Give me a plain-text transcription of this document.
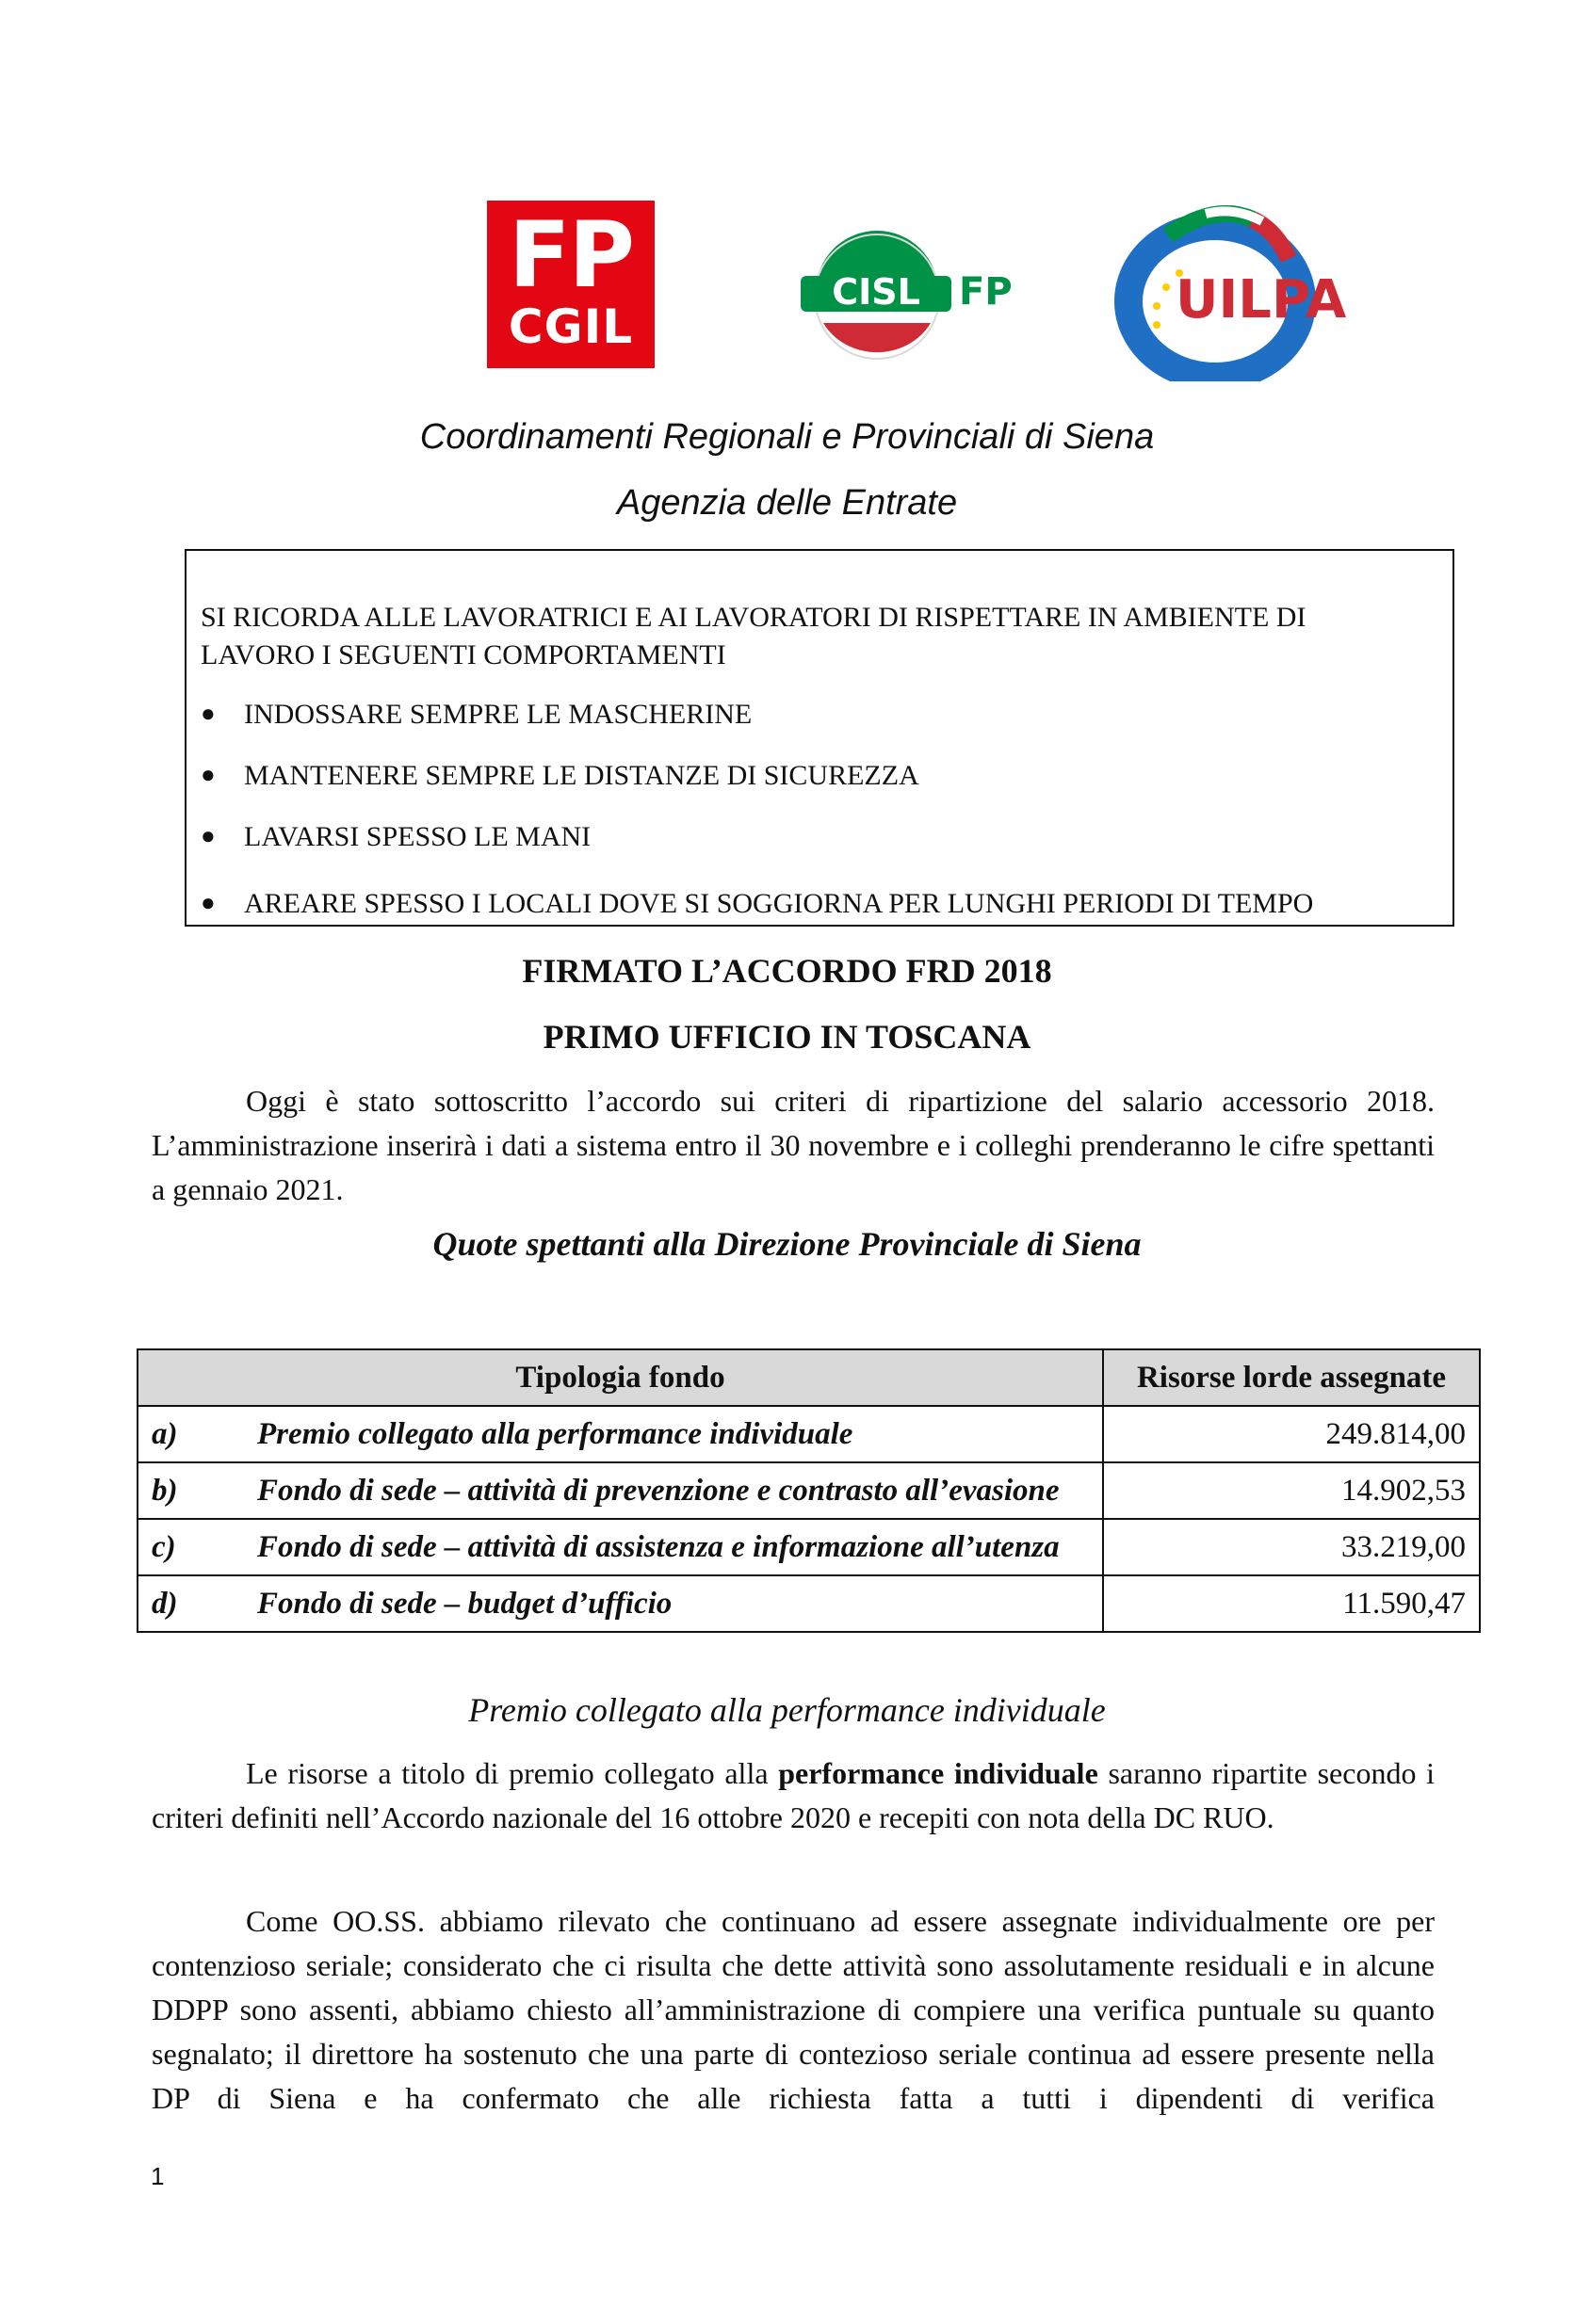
FP
CGIL
CISL FP	UILPA
Coordinamenti Regionali e Provinciali di Siena
Agenzia delle Entrate
SI RICORDA ALLE LAVORATRICI E AI LAVORATORI DI RISPETTARE IN AMBIENTE DI LAVORO I SEGUENTI COMPORTAMENTI
● INDOSSARE SEMPRE LE MASCHERINE
● MANTENERE SEMPRE LE DISTANZE DI SICUREZZA
● LAVARSI SPESSO LE MANI
● AREARE SPESSO I LOCALI DOVE SI SOGGIORNA PER LUNGHI PERIODI DI TEMPO
FIRMATO L’ACCORDO FRD 2018
PRIMO UFFICIO IN TOSCANA
Oggi è stato sottoscritto l’accordo sui criteri di ripartizione del salario accessorio 2018. L’amministrazione inserirà i dati a sistema entro il 30 novembre e i colleghi prenderanno le cifre spettanti a gennaio 2021.
Quote spettanti alla Direzione Provinciale di Siena
Tipologia fondo		Risorse lorde assegnate
a)	Premio collegato alla performance individuale	249.814,00
b)	Fondo di sede – attività di prevenzione e contrasto all’evasione	14.902,53
c)	Fondo di sede – attività di assistenza e informazione all’utenza	33.219,00
d)	Fondo di sede – budget d’ufficio	11.590,47
Premio collegato alla performance individuale
Le risorse a titolo di premio collegato alla performance individuale saranno ripartite secondo i criteri definiti nell’Accordo nazionale del 16 ottobre 2020 e recepiti con nota della DC RUO.
Come OO.SS. abbiamo rilevato che continuano ad essere assegnate individualmente ore per contenzioso seriale; considerato che ci risulta che dette attività sono assolutamente residuali e in alcune DDPP sono assenti, abbiamo chiesto all’amministrazione di compiere una verifica puntuale su quanto segnalato; il direttore ha sostenuto che una parte di contezioso seriale continua ad essere presente nella DP di Siena e ha confermato che alle richiesta fatta a tutti i dipendenti di verifica
1
